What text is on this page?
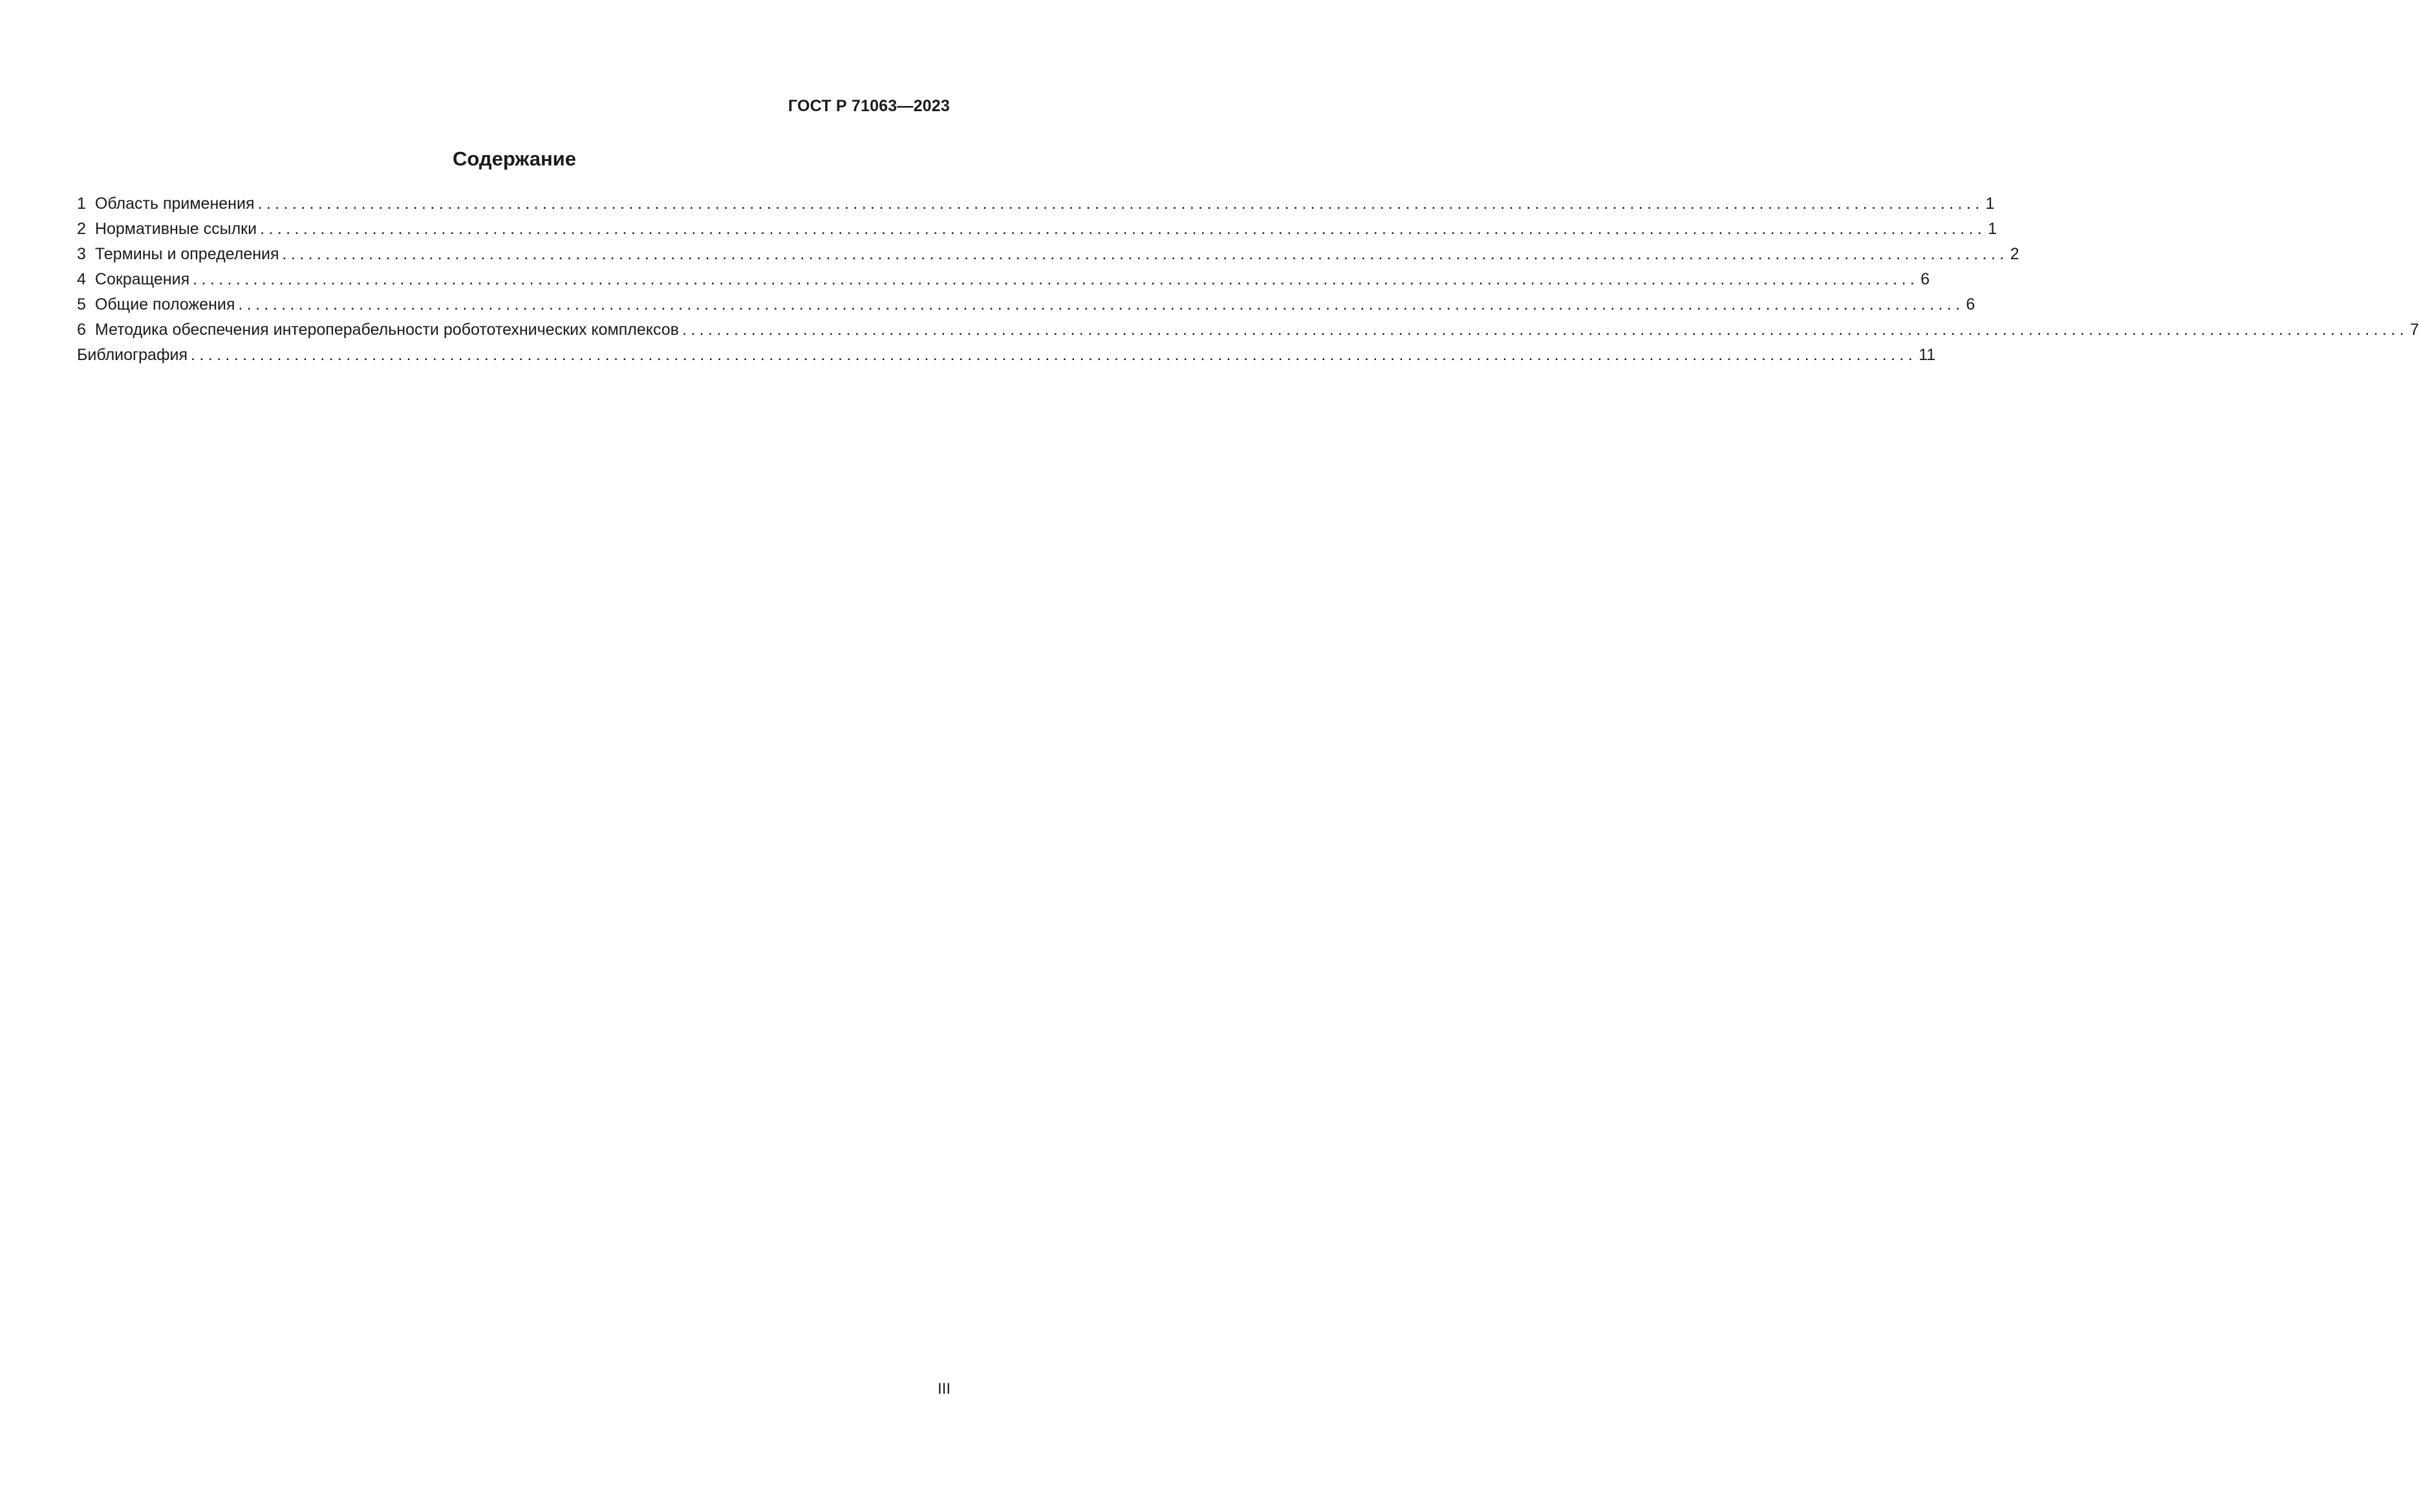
ГОСТ Р 71063—2023
Содержание
1 Область применения ........................................................................................................................................................................................................ 1
2 Нормативные ссылки ........................................................................................................................................................................................................ 1
3 Термины и определения ........................................................................................................................................................................................................ 2
4 Сокращения ........................................................................................................................................................................................................ 6
5 Общие положения ........................................................................................................................................................................................................ 6
6 Методика обеспечения интероперабельности робототехнических комплексов ........................................................................................................................................................................................................ 7
Библиография ........................................................................................................................................................................................................ 11
III
